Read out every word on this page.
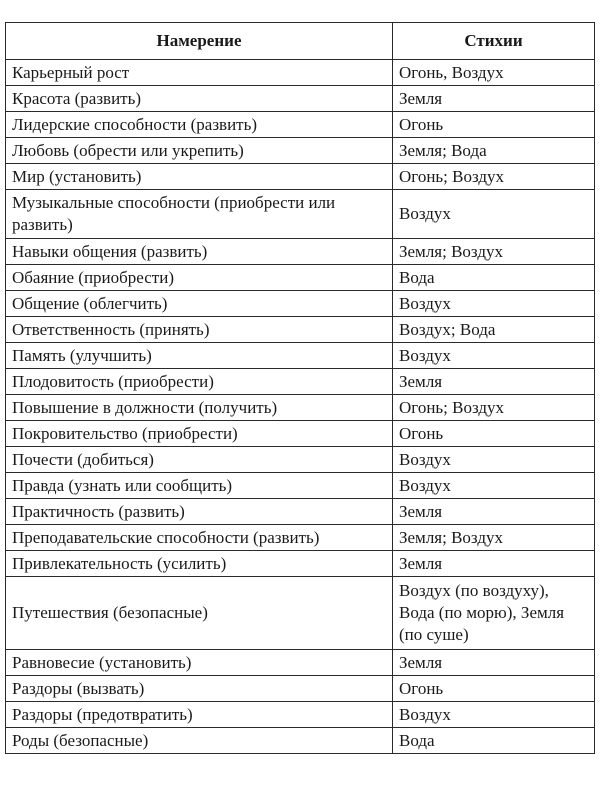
Намерение	Стихии
Карьерный рост	Огонь, Воздух
Красота (развить)	Земля
Лидерские способности (развить)	Огонь
Любовь (обрести или укрепить)	Земля; Вода
Мир (установить)	Огонь; Воздух
Музыкальные способности (приобрести или развить)	Воздух
Навыки общения (развить)	Земля; Воздух
Обаяние (приобрести)	Вода
Общение (облегчить)	Воздух
Ответственность (принять)	Воздух; Вода
Память (улучшить)	Воздух
Плодовитость (приобрести)	Земля
Повышение в должности (получить)	Огонь; Воздух
Покровительство (приобрести)	Огонь
Почести (добиться)	Воздух
Правда (узнать или сообщить)	Воздух
Практичность (развить)	Земля
Преподавательские способности (развить)	Земля; Воздух
Привлекательность (усилить)	Земля
Путешествия (безопасные)	Воздух (по воздуху), Вода (по морю), Земля (по суше)
Равновесие (установить)	Земля
Раздоры (вызвать)	Огонь
Раздоры (предотвратить)	Воздух
Роды (безопасные)	Вода
